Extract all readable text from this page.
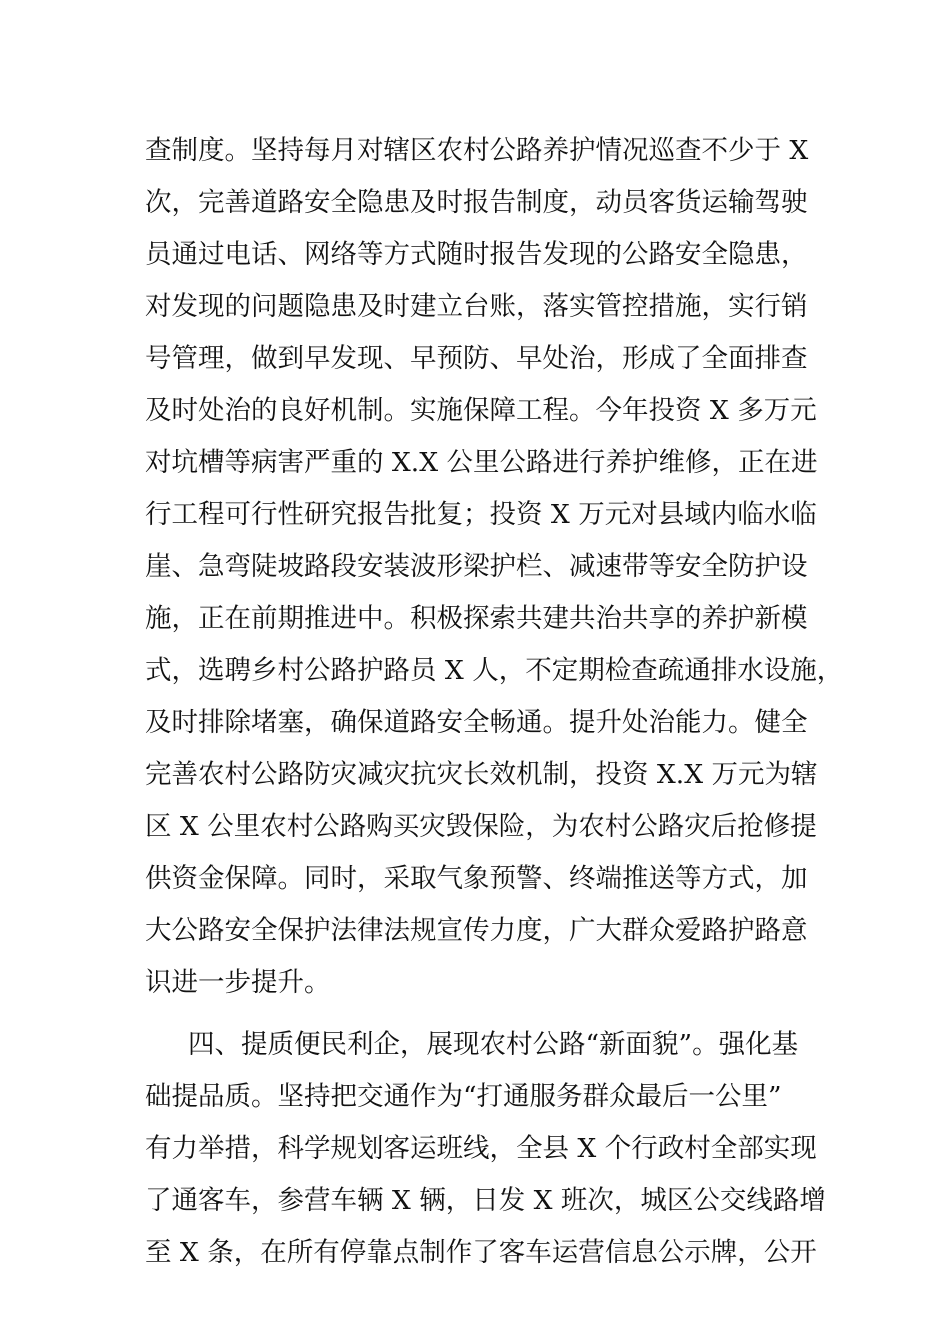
查制度。坚持每月对辖区农村公路养护情况巡查不少于 X
次，完善道路安全隐患及时报告制度，动员客货运输驾驶
员通过电话、网络等方式随时报告发现的公路安全隐患，
对发现的问题隐患及时建立台账，落实管控措施，实行销
号管理，做到早发现、早预防、早处治，形成了全面排查
及时处治的良好机制。实施保障工程。今年投资 X 多万元
对坑槽等病害严重的 X.X 公里公路进行养护维修，正在进
行工程可行性研究报告批复；投资 X 万元对县域内临水临
崖、急弯陡坡路段安装波形梁护栏、减速带等安全防护设
施，正在前期推进中。积极探索共建共治共享的养护新模
式，选聘乡村公路护路员 X 人，不定期检查疏通排水设施，
及时排除堵塞，确保道路安全畅通。提升处治能力。健全
完善农村公路防灾减灾抗灾长效机制，投资 X.X 万元为辖
区 X 公里农村公路购买灾毁保险，为农村公路灾后抢修提
供资金保障。同时，采取气象预警、终端推送等方式，加
大公路安全保护法律法规宣传力度，广大群众爱路护路意
识进一步提升。
四、提质便民利企，展现农村公路“新面貌”。强化基
础提品质。坚持把交通作为“打通服务群众最后一公里”
有力举措，科学规划客运班线，全县 X 个行政村全部实现
了通客车，参营车辆 X 辆，日发 X 班次，城区公交线路增
至 X 条，在所有停靠点制作了客车运营信息公示牌，公开
